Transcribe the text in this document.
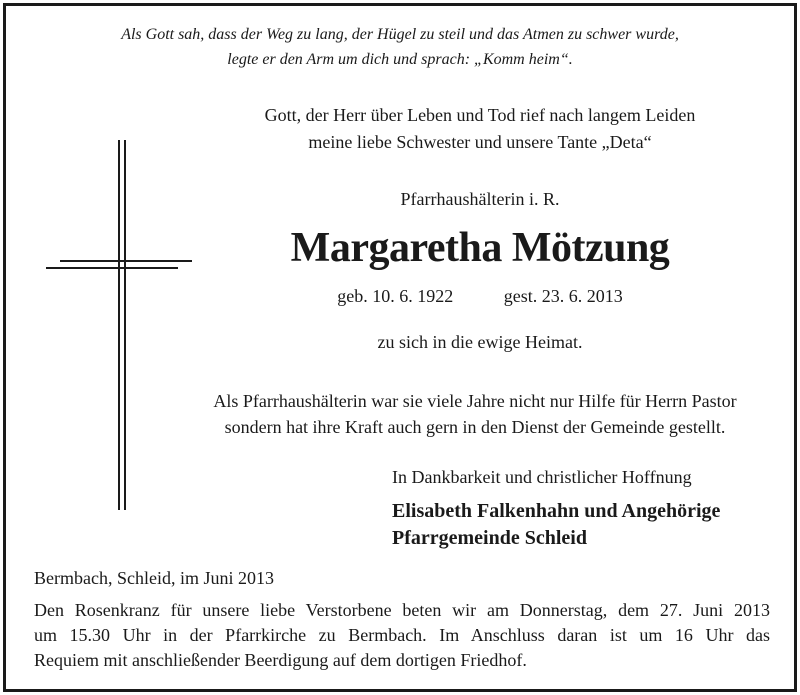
Als Gott sah, dass der Weg zu lang, der Hügel zu steil und das Atmen zu schwer wurde,
legte er den Arm um dich und sprach: „Komm heim“.
Gott, der Herr über Leben und Tod rief nach langem Leiden
meine liebe Schwester und unsere Tante „Deta“
Pfarrhaushälterin i. R.
Margaretha Mötzung
geb. 10. 6. 1922	gest. 23. 6. 2013
zu sich in die ewige Heimat.
Als Pfarrhaushälterin war sie viele Jahre nicht nur Hilfe für Herrn Pastor
sondern hat ihre Kraft auch gern in den Dienst der Gemeinde gestellt.
In Dankbarkeit und christlicher Hoffnung
Elisabeth Falkenhahn und Angehörige
Pfarrgemeinde Schleid
Bermbach, Schleid, im Juni 2013
Den Rosenkranz für unsere liebe Verstorbene beten wir am Donnerstag, dem 27. Juni 2013
um 15.30 Uhr in der Pfarrkirche zu Bermbach. Im Anschluss daran ist um 16 Uhr das
Requiem mit anschließender Beerdigung auf dem dortigen Friedhof.
